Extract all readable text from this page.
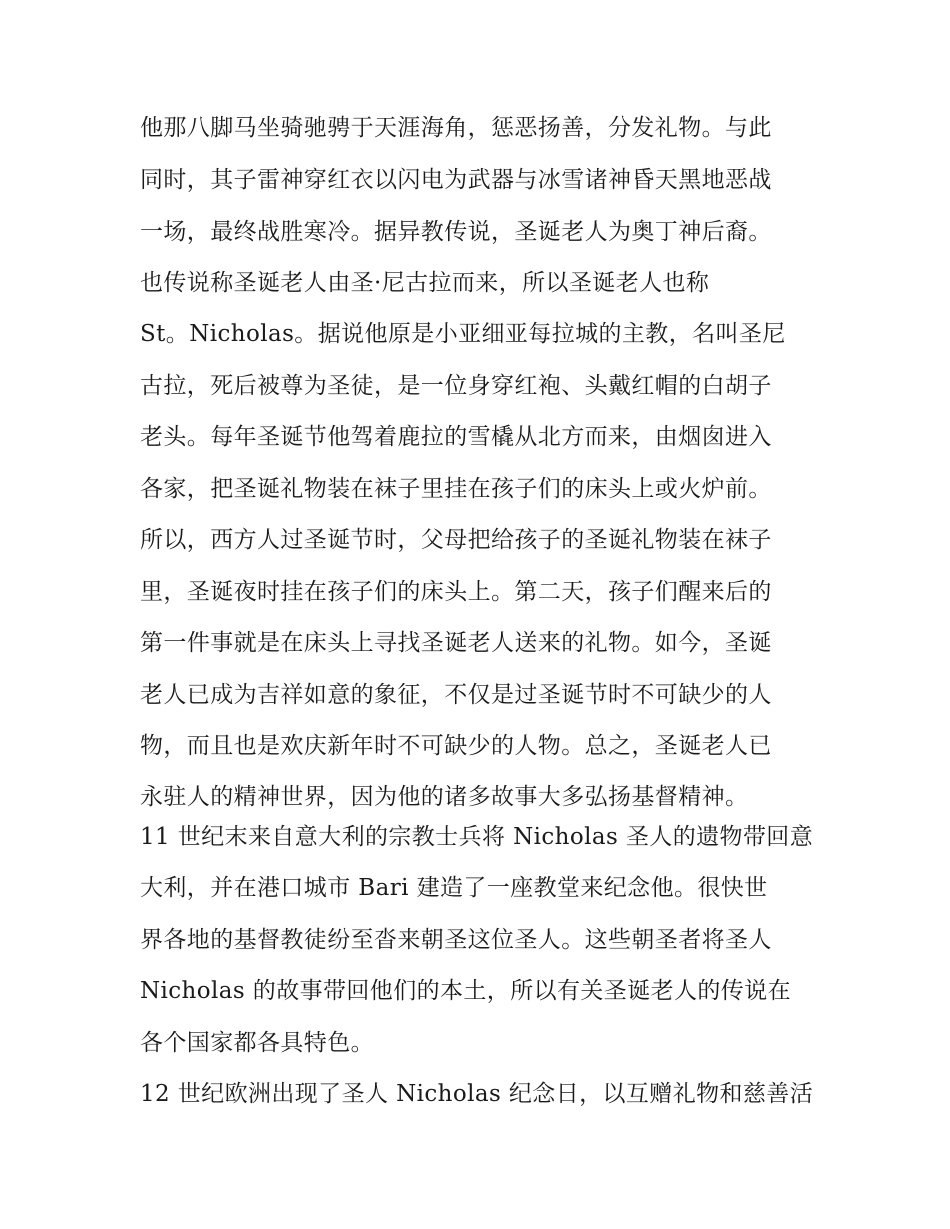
他那八脚马坐骑驰骋于天涯海角，惩恶扬善，分发礼物。与此
同时，其子雷神穿红衣以闪电为武器与冰雪诸神昏天黑地恶战
一场，最终战胜寒冷。据异教传说，圣诞老人为奥丁神后裔。
也传说称圣诞老人由圣·尼古拉而来，所以圣诞老人也称
St。Nicholas。据说他原是小亚细亚每拉城的主教，名叫圣尼
古拉，死后被尊为圣徒，是一位身穿红袍、头戴红帽的白胡子
老头。每年圣诞节他驾着鹿拉的雪橇从北方而来，由烟囱进入
各家，把圣诞礼物装在袜子里挂在孩子们的床头上或火炉前。
所以，西方人过圣诞节时，父母把给孩子的圣诞礼物装在袜子
里，圣诞夜时挂在孩子们的床头上。第二天，孩子们醒来后的
第一件事就是在床头上寻找圣诞老人送来的礼物。如今，圣诞
老人已成为吉祥如意的象征，不仅是过圣诞节时不可缺少的人
物，而且也是欢庆新年时不可缺少的人物。总之，圣诞老人已
永驻人的精神世界，因为他的诸多故事大多弘扬基督精神。
11 世纪末来自意大利的宗教士兵将 Nicholas 圣人的遗物带回意
大利，并在港口城市 Bari 建造了一座教堂来纪念他。很快世
界各地的基督教徒纷至沓来朝圣这位圣人。这些朝圣者将圣人
Nicholas 的故事带回他们的本土，所以有关圣诞老人的传说在
各个国家都各具特色。
12 世纪欧洲出现了圣人 Nicholas 纪念日，以互赠礼物和慈善活
